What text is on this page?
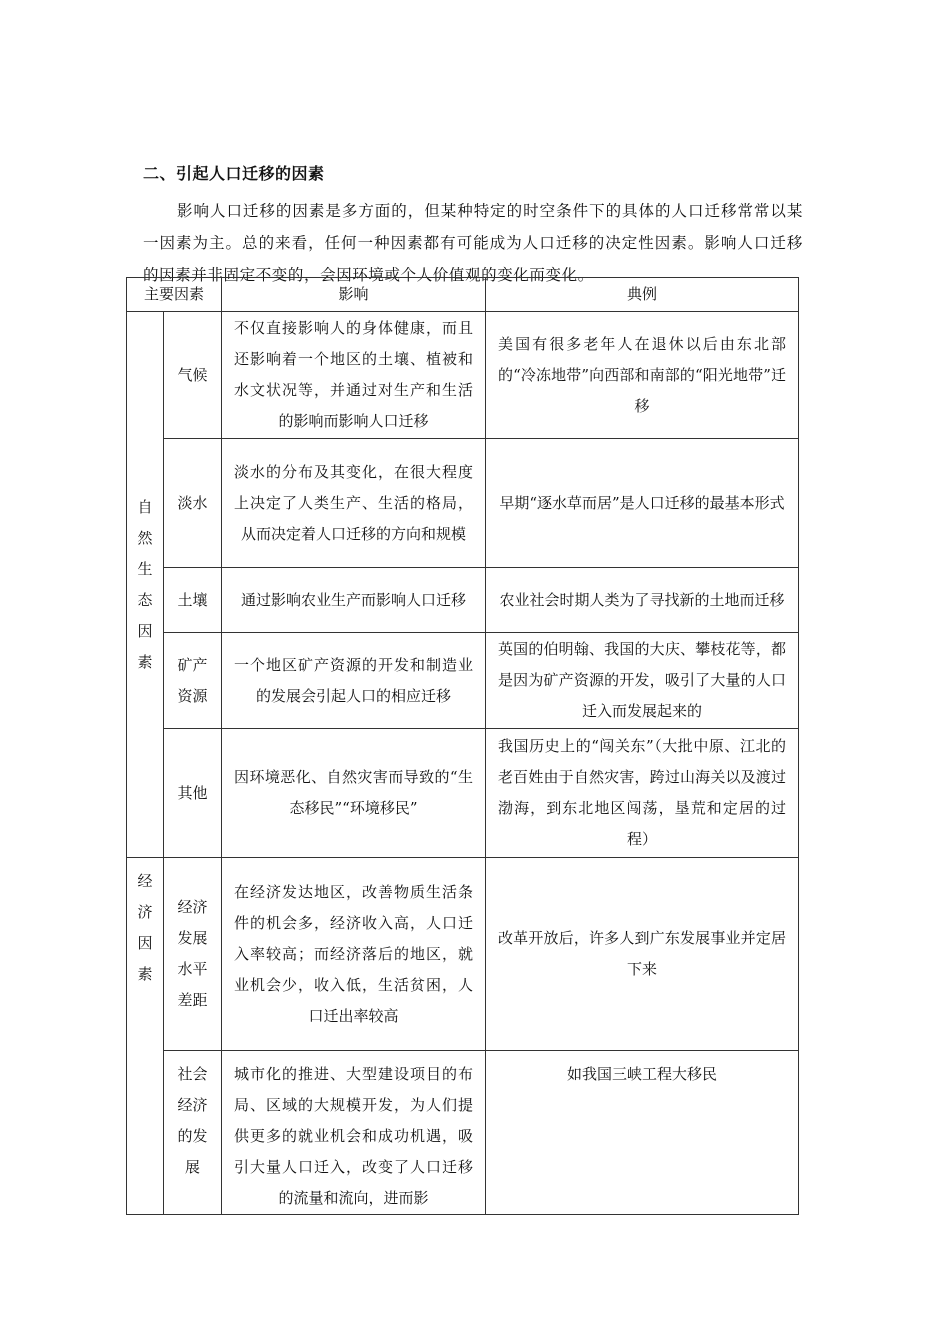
二、引起人口迁移的因素
影响人口迁移的因素是多方面的，但某种特定的时空条件下的具体的人口迁移常常以某一因素为主。总的来看，任何一种因素都有可能成为人口迁移的决定性因素。影响人口迁移的因素并非固定不变的，会因环境或个人价值观的变化而变化。
主要因素		影响	典例

自然生态因素	气候	不仅直接影响人的身体健康，而且还影响着一个地区的土壤、植被和水文状况等，并通过对生产和生活的影响而影响人口迁移	美国有很多老年人在退休以后由东北部的“冷冻地带”向西部和南部的“阳光地带”迁移

	淡水	淡水的分布及其变化，在很大程度上决定了人类生产、生活的格局，从而决定着人口迁移的方向和规模	早期“逐水草而居”是人口迁移的最基本形式

	土壤	通过影响农业生产而影响人口迁移	农业社会时期人类为了寻找新的土地而迁移

	矿产资源	一个地区矿产资源的开发和制造业的发展会引起人口的相应迁移	英国的伯明翰、我国的大庆、攀枝花等，都是因为矿产资源的开发，吸引了大量的人口迁入而发展起来的

	其他	因环境恶化、自然灾害而导致的“生态移民”“环境移民”	我国历史上的“闯关东”（大批中原、江北的老百姓由于自然灾害，跨过山海关以及渡过渤海，到东北地区闯荡，垦荒和定居的过程）

经济因素	经济发展水平差距	在经济发达地区，改善物质生活条件的机会多，经济收入高，人口迁入率较高；而经济落后的地区，就业机会少，收入低，生活贫困，人口迁出率较高	改革开放后，许多人到广东发展事业并定居下来

	社会经济的发展	城市化的推进、大型建设项目的布局、区域的大规模开发，为人们提供更多的就业机会和成功机遇，吸引大量人口迁入，改变了人口迁移的流量和流向，进而影	如我国三峡工程大移民
